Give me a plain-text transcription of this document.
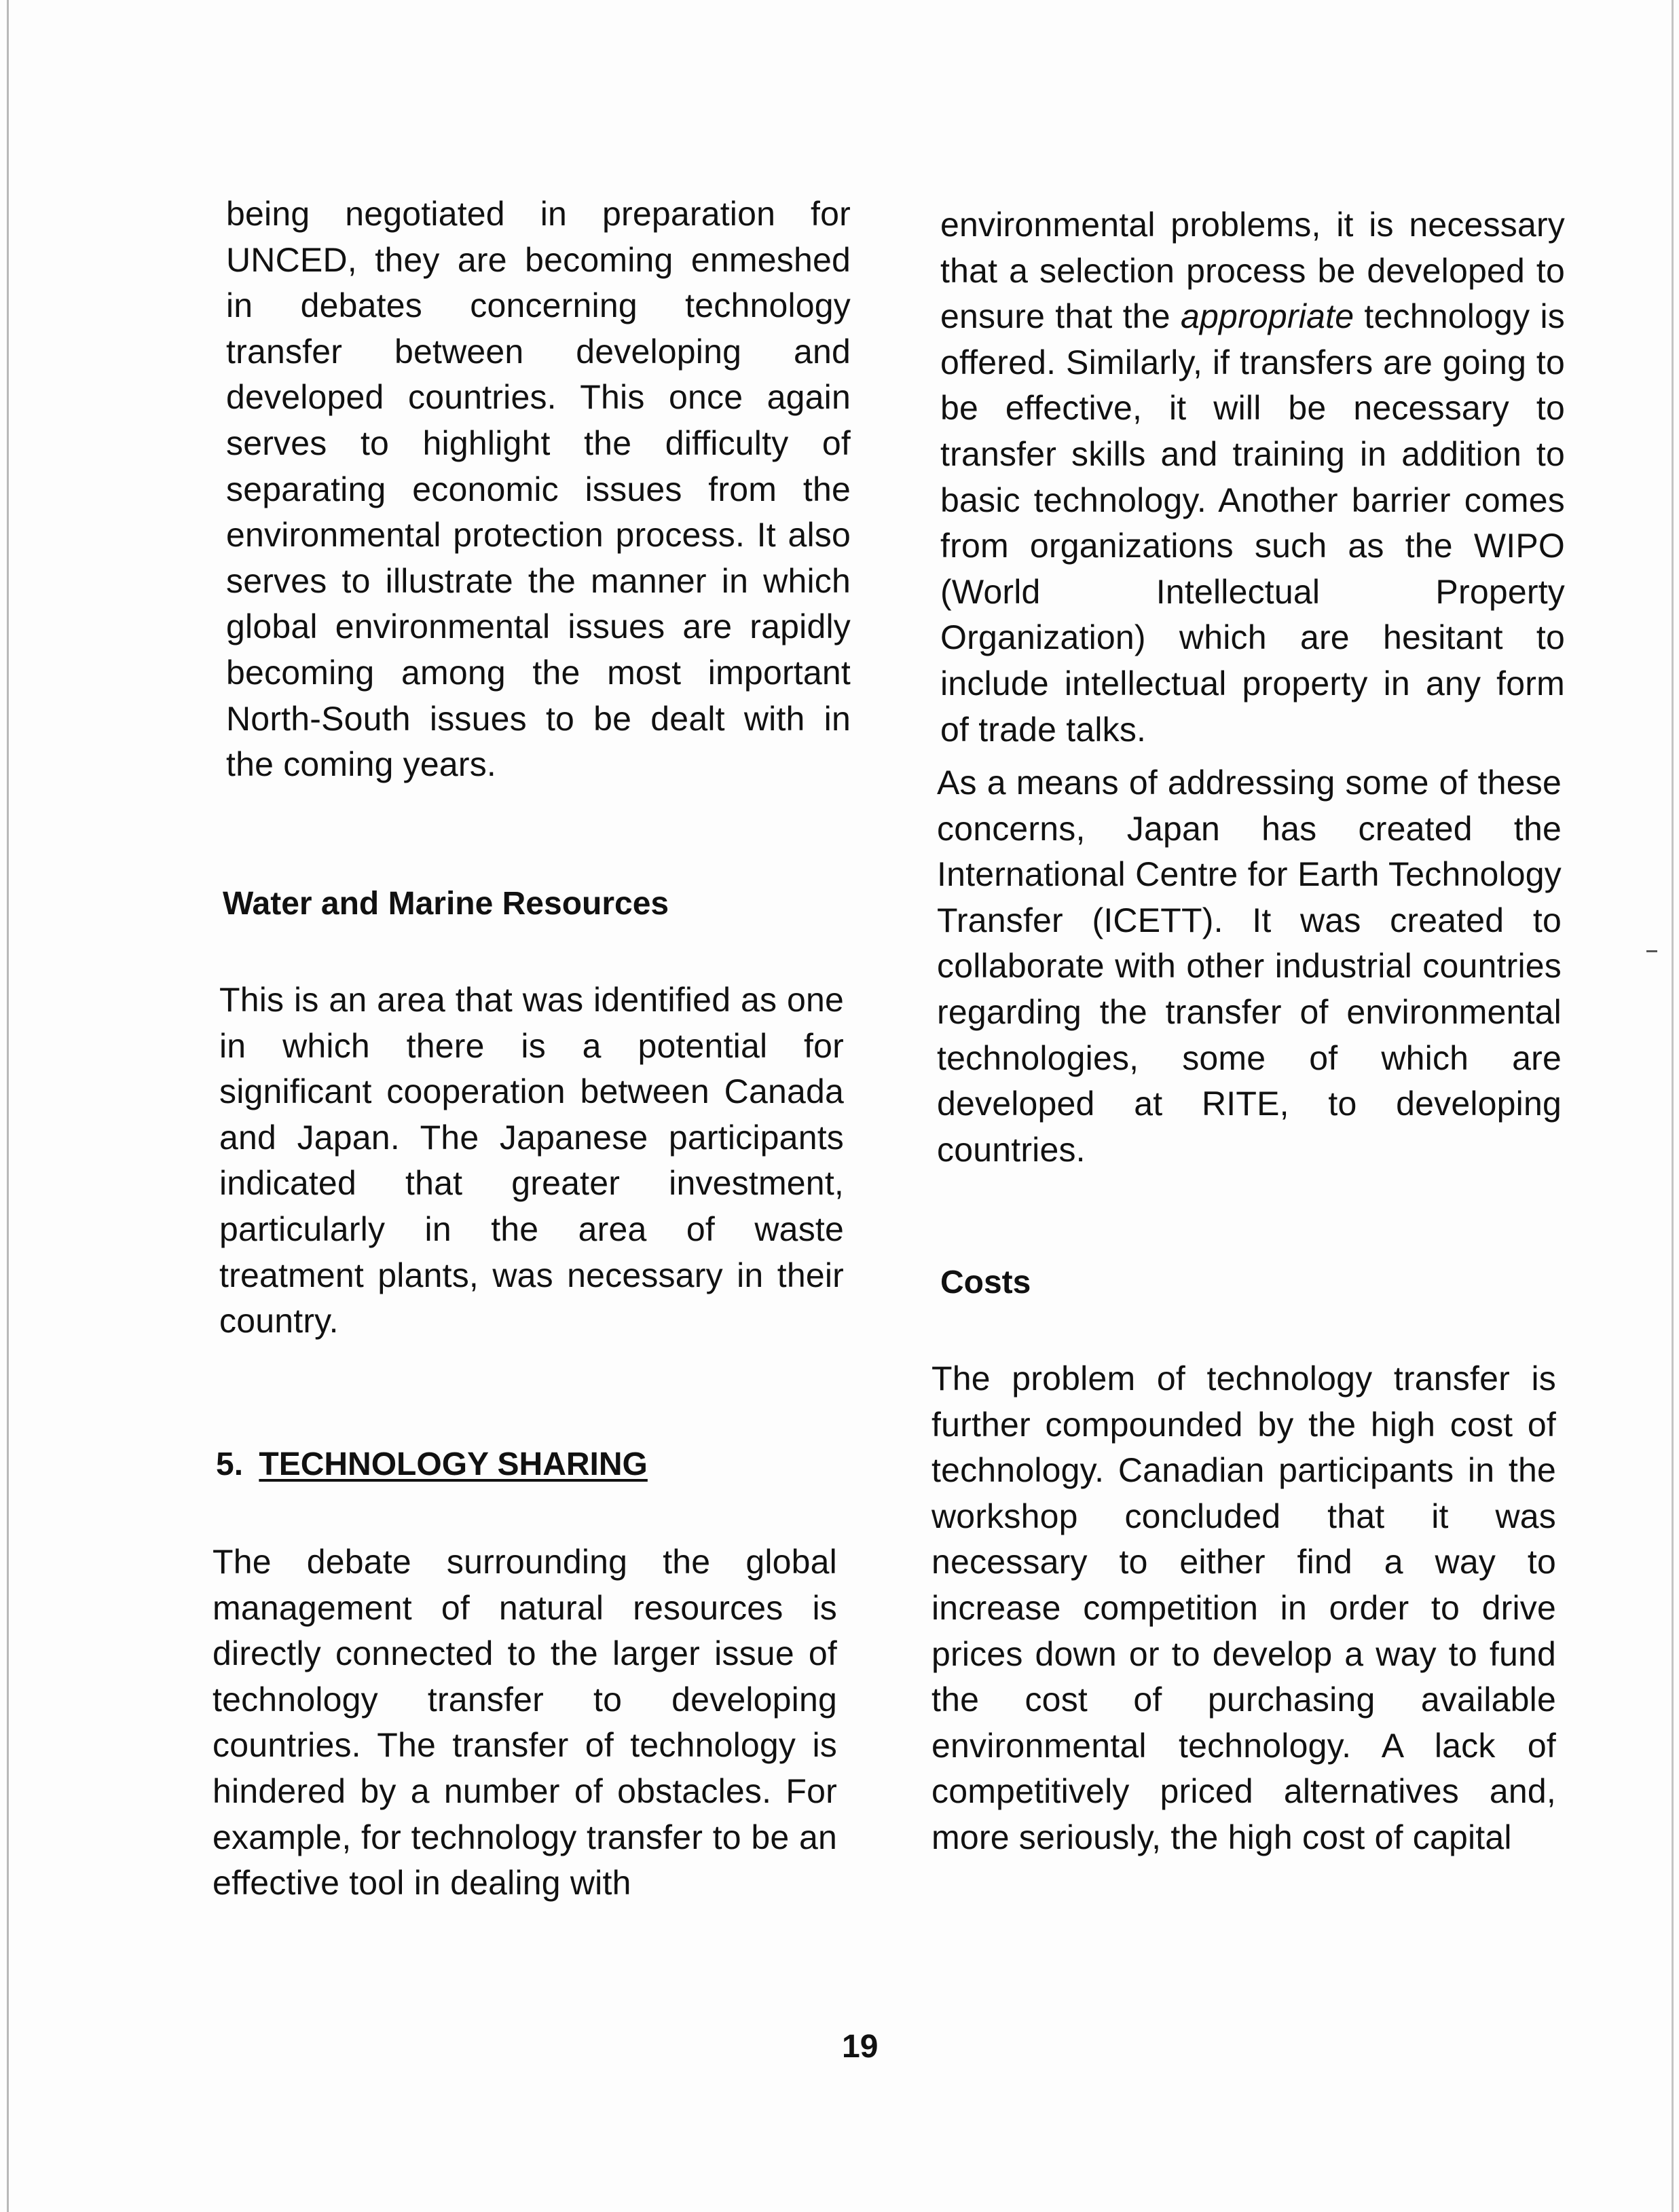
being negotiated in preparation for UNCED, they are becoming enmeshed in debates concerning technology transfer between developing and developed countries. This once again serves to highlight the difficulty of separating economic issues from the environmental protection process. It also serves to illustrate the manner in which global environmental issues are rapidly becoming among the most important North-South issues to be dealt with in the coming years.

Water and Marine Resources

This is an area that was identified as one in which there is a potential for significant cooperation between Canada and Japan. The Japanese participants indicated that greater investment, particularly in the area of waste treatment plants, was necessary in their country.

5. TECHNOLOGY SHARING

The debate surrounding the global management of natural resources is directly connected to the larger issue of technology transfer to developing countries. The transfer of technology is hindered by a number of obstacles. For example, for technology transfer to be an effective tool in dealing with

environmental problems, it is necessary that a selection process be developed to ensure that the appropriate technology is offered. Similarly, if transfers are going to be effective, it will be necessary to transfer skills and training in addition to basic technology. Another barrier comes from organizations such as the WIPO (World Intellectual Property Organization) which are hesitant to include intellectual property in any form of trade talks.

As a means of addressing some of these concerns, Japan has created the International Centre for Earth Technology Transfer (ICETT). It was created to collaborate with other industrial countries regarding the transfer of environmental technologies, some of which are developed at RITE, to developing countries.

Costs

The problem of technology transfer is further compounded by the high cost of technology. Canadian participants in the workshop concluded that it was necessary to either find a way to increase competition in order to drive prices down or to develop a way to fund the cost of purchasing available environmental technology. A lack of competitively priced alternatives and, more seriously, the high cost of capital

19
